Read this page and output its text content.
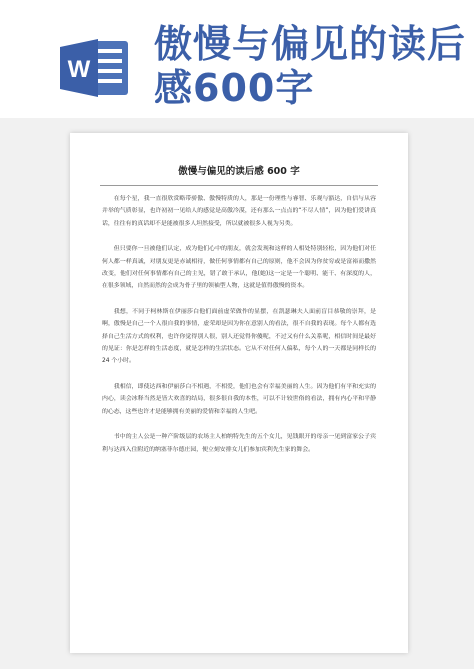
W
傲慢与偏见的读后
感600字
傲慢与偏见的读后感 600 字

在每个星，我一直很欣赏略带骄傲、傲慢特质的人，那是一份理性与睿智、乐观与豁达，自信与从容并举的气质彰显，也许初初一见给人的感觉是高傲冷漠，还有那么一点点的“不尽人情”，因为他们爱讲真话，往往有的真话却不是能被很多人坦然接受，所以就被很多人视为另类。

但只要你一旦被他们认定，成为他们心中的朋友，就会发现和这样的人相处特别轻松，因为他们对任何人都一样真诚，对朋友更是赤诚相待，做任何事情都有自己的原则，他不会因为你贫穷或是富裕而撒然改变，他们对任何事情都有自己的主见，错了敢于承认，他(她)这一定是一个聪明、能干、有深度的人，在很多领域，自然而然的会成为骨子里的领袖型人物，这就是值得傲慢的资本。

我想，不同于柯林斯在伊丽莎白他们面前虚荣做作的显摆，在凯瑟琳夫人面前盲目恭敬的崇拜，是啊，傲慢是自己一个人很自我的事情，虚荣却是因为你在意别人的看法，很不自我的表现。每个人都有选择自己生活方式的权利，也许你觉得别人很，别人还觉得你傻呢，不过又有什么关系呢，相信时间是最好的见证：你是怎样的生活态度，就是怎样的生活状态。它从不对任何人偏私，每个人的一天都是同样长的 24 个小时。

我相信，即使达西和伊丽莎白不相遇，不相爱，他们也会有幸福美丽的人生。因为他们有平和充实的内心，读会冰释当然是皆大欢喜的结局，很多很自我的本性，可以不计较世俗的看法，拥有内心平和平静的心态，这些也许才是能够拥有美丽的爱情和幸福的人生吧。

书中的主人公是一种产阶级层的农场主人柏纳特先生的五个女儿，见钱眼开的母亲一见到富家公子宾利与达西入住附近的纳塞菲尔德庄园，便立刻安排女儿们参加宾利先生家的舞会。
